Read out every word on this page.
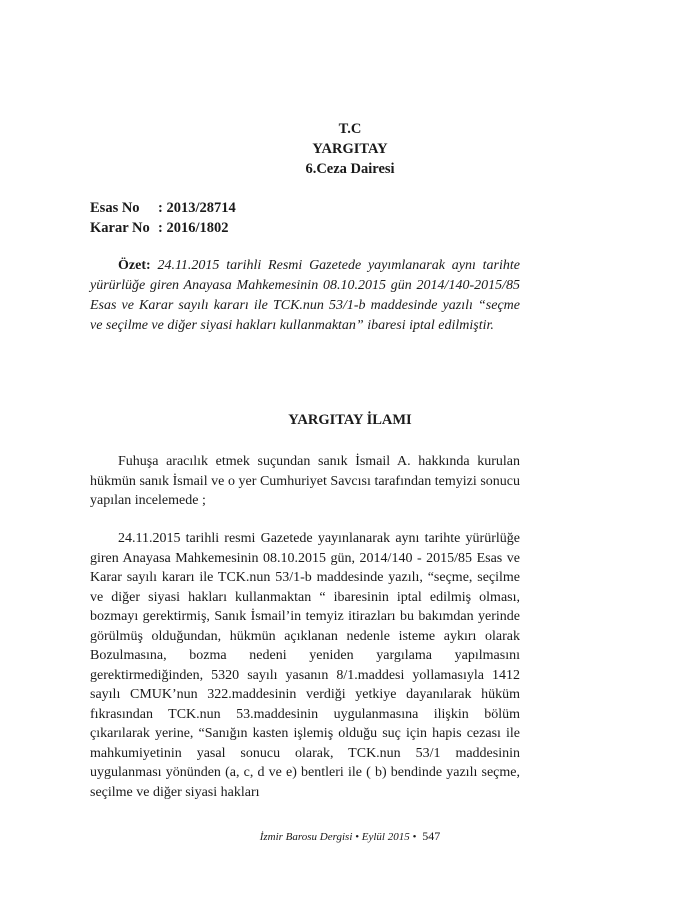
T.C
YARGITAY
6.Ceza Dairesi
Esas No : 2013/28714
Karar No : 2016/1802
Özet: 24.11.2015 tarihli Resmi Gazetede yayımlanarak aynı tarihte yürürlüğe giren Anayasa Mahkemesinin 08.10.2015 gün 2014/140-2015/85 Esas ve Karar sayılı kararı ile TCK.nun 53/1-b maddesinde yazılı “seçme ve seçilme ve diğer siyasi hakları kullanmaktan” ibaresi iptal edilmiştir.
YARGITAY İLAMI
Fuhuşa aracılık etmek suçundan sanık İsmail A. hakkında kurulan hükmün sanık İsmail ve o yer Cumhuriyet Savcısı tarafından temyizi sonucu yapılan incelemede ;
24.11.2015 tarihli resmi Gazetede yayınlanarak aynı tarihte yürürlüğe giren Anayasa Mahkemesinin 08.10.2015 gün, 2014/140 - 2015/85 Esas ve Karar sayılı kararı ile TCK.nun 53/1-b maddesinde yazılı, “seçme, seçilme ve diğer siyasi hakları kullanmaktan “ ibaresinin iptal edilmiş olması, bozmayı gerektirmiş, Sanık İsmail’in temyiz itirazları bu bakımdan yerinde görülmüş olduğundan, hükmün açıklanan nedenle isteme aykırı olarak Bozulmasına, bozma nedeni yeniden yargılama yapılmasını gerektirmediğinden, 5320 sayılı yasanın 8/1.maddesi yollamasıyla 1412 sayılı CMUK’nun 322.maddesinin verdiği yetkiye dayanılarak hüküm fıkrasından TCK.nun 53.maddesinin uygulanmasına ilişkin bölüm çıkarılarak yerine, “Sanığın kasten işlemiş olduğu suç için hapis cezası ile mahkumiyetinin yasal sonucu olarak, TCK.nun 53/1 maddesinin uygulanması yönünden (a, c, d ve e) bentleri ile ( b) bendinde yazılı seçme, seçilme ve diğer siyasi hakları
İzmir Barosu Dergisi • Eylül 2015 • 547
